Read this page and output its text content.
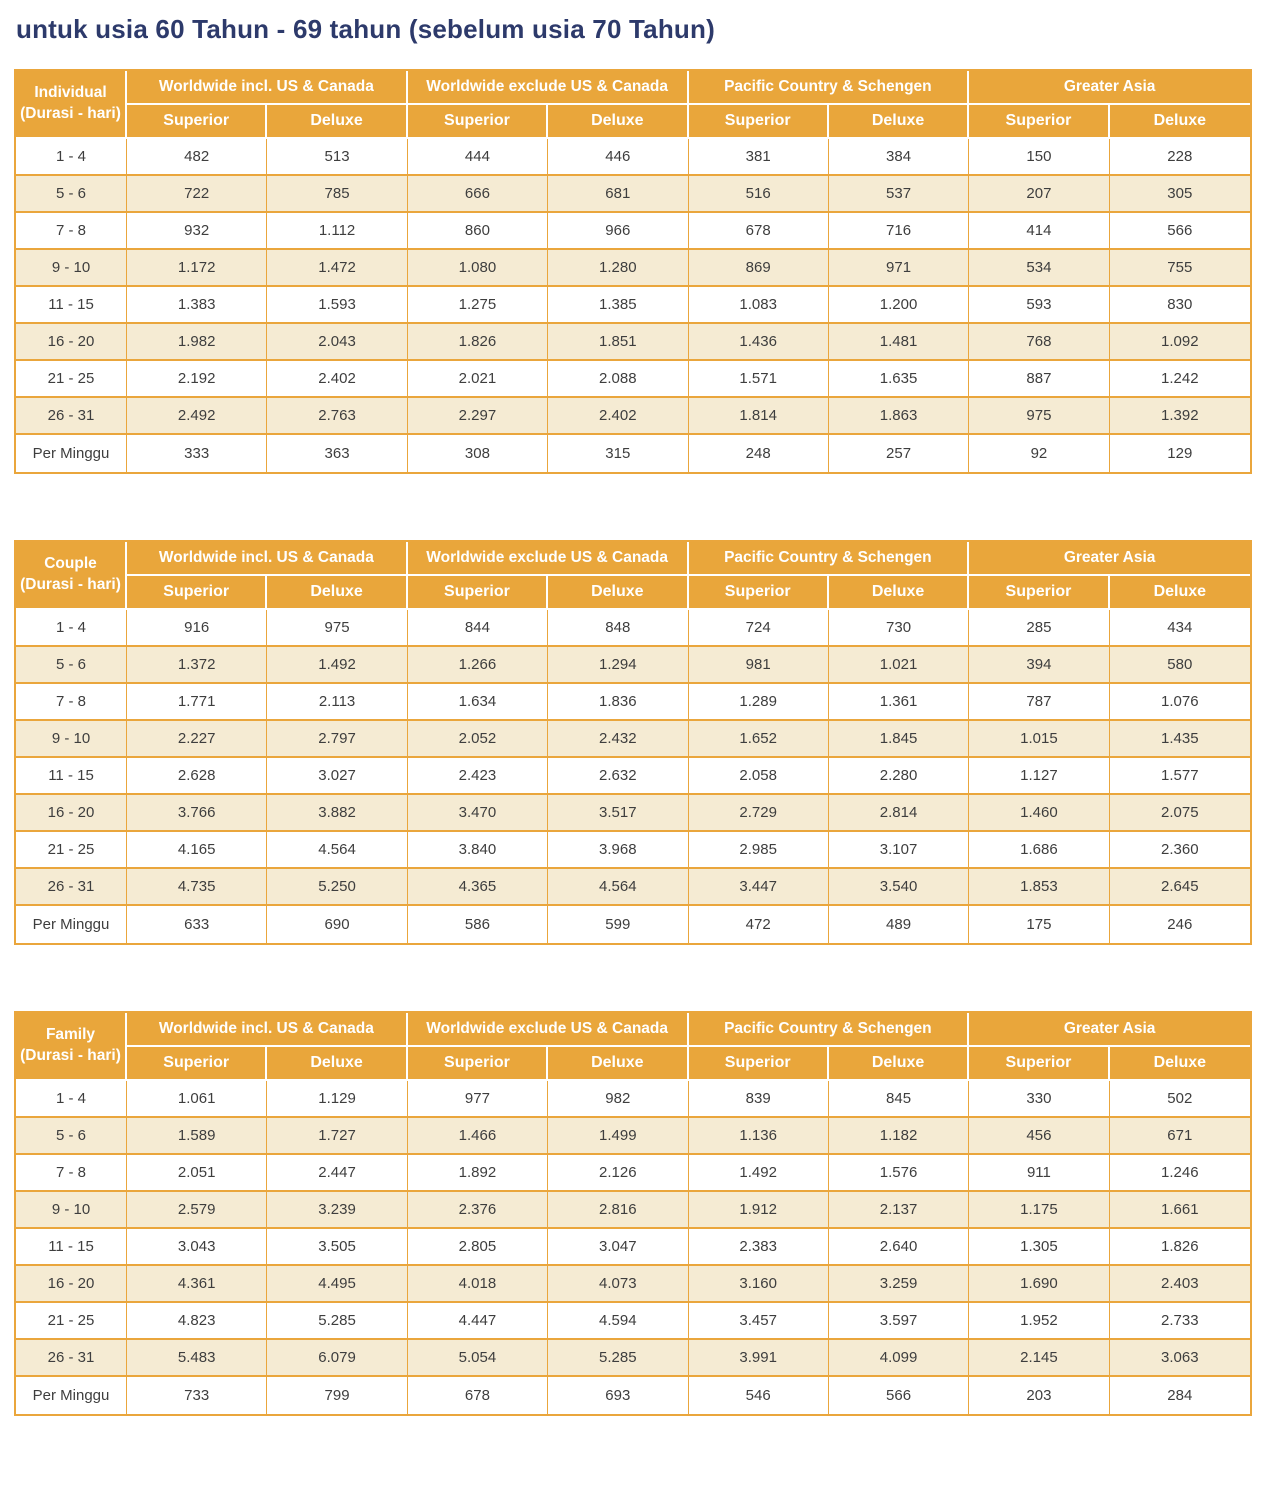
untuk usia 60 Tahun - 69 tahun (sebelum usia 70 Tahun)
Individual
(Durasi - hari)	Worldwide incl. US & Canada		Worldwide exclude US & Canada		Pacific Country & Schengen		Greater Asia	
	Superior	Deluxe	Superior	Deluxe	Superior	Deluxe	Superior	Deluxe
1 - 4	482	513	444	446	381	384	150	228
5 - 6	722	785	666	681	516	537	207	305
7 - 8	932	1.112	860	966	678	716	414	566
9 - 10	1.172	1.472	1.080	1.280	869	971	534	755
11 - 15	1.383	1.593	1.275	1.385	1.083	1.200	593	830
16 - 20	1.982	2.043	1.826	1.851	1.436	1.481	768	1.092
21 - 25	2.192	2.402	2.021	2.088	1.571	1.635	887	1.242
26 - 31	2.492	2.763	2.297	2.402	1.814	1.863	975	1.392
Per Minggu	333	363	308	315	248	257	92	129
Couple
(Durasi - hari)	Worldwide incl. US & Canada		Worldwide exclude US & Canada		Pacific Country & Schengen		Greater Asia	
	Superior	Deluxe	Superior	Deluxe	Superior	Deluxe	Superior	Deluxe
1 - 4	916	975	844	848	724	730	285	434
5 - 6	1.372	1.492	1.266	1.294	981	1.021	394	580
7 - 8	1.771	2.113	1.634	1.836	1.289	1.361	787	1.076
9 - 10	2.227	2.797	2.052	2.432	1.652	1.845	1.015	1.435
11 - 15	2.628	3.027	2.423	2.632	2.058	2.280	1.127	1.577
16 - 20	3.766	3.882	3.470	3.517	2.729	2.814	1.460	2.075
21 - 25	4.165	4.564	3.840	3.968	2.985	3.107	1.686	2.360
26 - 31	4.735	5.250	4.365	4.564	3.447	3.540	1.853	2.645
Per Minggu	633	690	586	599	472	489	175	246
Family
(Durasi - hari)	Worldwide incl. US & Canada		Worldwide exclude US & Canada		Pacific Country & Schengen		Greater Asia	
	Superior	Deluxe	Superior	Deluxe	Superior	Deluxe	Superior	Deluxe
1 - 4	1.061	1.129	977	982	839	845	330	502
5 - 6	1.589	1.727	1.466	1.499	1.136	1.182	456	671
7 - 8	2.051	2.447	1.892	2.126	1.492	1.576	911	1.246
9 - 10	2.579	3.239	2.376	2.816	1.912	2.137	1.175	1.661
11 - 15	3.043	3.505	2.805	3.047	2.383	2.640	1.305	1.826
16 - 20	4.361	4.495	4.018	4.073	3.160	3.259	1.690	2.403
21 - 25	4.823	5.285	4.447	4.594	3.457	3.597	1.952	2.733
26 - 31	5.483	6.079	5.054	5.285	3.991	4.099	2.145	3.063
Per Minggu	733	799	678	693	546	566	203	284
